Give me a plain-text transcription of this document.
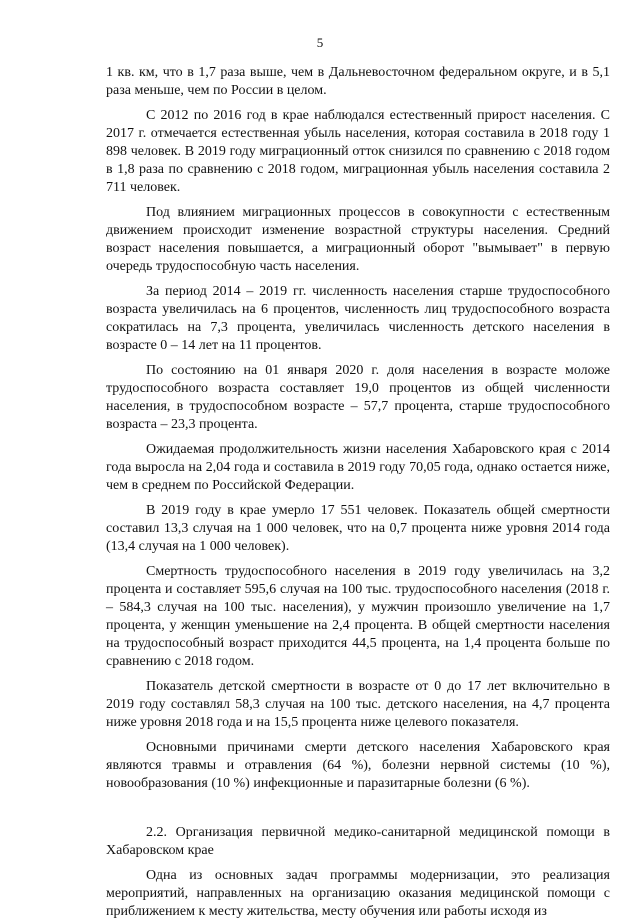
5

1 кв. км, что в 1,7 раза выше, чем в Дальневосточном федеральном округе, и в 5,1 раза меньше, чем по России в целом.

С 2012 по 2016 год в крае наблюдался естественный прирост населения. С 2017 г. отмечается естественная убыль населения, которая составила в 2018 году 1 898 человек. В 2019 году миграционный отток снизился по сравнению с 2018 годом в 1,8 раза по сравнению с 2018 годом, миграционная убыль населения составила 2 711 человек.

Под влиянием миграционных процессов в совокупности с естественным движением происходит изменение возрастной структуры населения. Средний возраст населения повышается, а миграционный оборот "вымывает" в первую очередь трудоспособную часть населения.

За период 2014 – 2019 гг. численность населения старше трудоспособного возраста увеличилась на 6 процентов, численность лиц трудоспособного возраста сократилась на 7,3 процента, увеличилась численность детского населения в возрасте 0 – 14 лет на 11 процентов.

По состоянию на 01 января 2020 г. доля населения в возрасте моложе трудоспособного возраста составляет 19,0 процентов из общей численности населения, в трудоспособном возрасте – 57,7 процента, старше трудоспособного возраста – 23,3 процента.

Ожидаемая продолжительность жизни населения Хабаровского края с 2014 года выросла на 2,04 года и составила в 2019 году 70,05 года, однако остается ниже, чем в среднем по Российской Федерации.

В 2019 году в крае умерло 17 551 человек. Показатель общей смертности составил 13,3 случая на 1 000 человек, что на 0,7 процента ниже уровня 2014 года (13,4 случая на 1 000 человек).

Смертность трудоспособного населения в 2019 году увеличилась на 3,2 процента и составляет 595,6 случая на 100 тыс. трудоспособного населения (2018 г. – 584,3 случая на 100 тыс. населения), у мужчин произошло увеличение на 1,7 процента, у женщин уменьшение на 2,4 процента. В общей смертности населения на трудоспособный возраст приходится 44,5 процента, на 1,4 процента больше по сравнению с 2018 годом.

Показатель детской смертности в возрасте от 0 до 17 лет включительно в 2019 году составлял 58,3 случая на 100 тыс. детского населения, на 4,7 процента ниже уровня 2018 года и на 15,5 процента ниже целевого показателя.

Основными причинами смерти детского населения Хабаровского края являются травмы и отравления (64 %), болезни нервной системы (10 %), новообразования (10 %) инфекционные и паразитарные болезни (6 %).

2.2. Организация первичной медико-санитарной медицинской помощи в Хабаровском крае

Одна из основных задач программы модернизации, это реализация мероприятий, направленных на организацию оказания медицинской помощи с приближением к месту жительства, месту обучения или работы исходя из
